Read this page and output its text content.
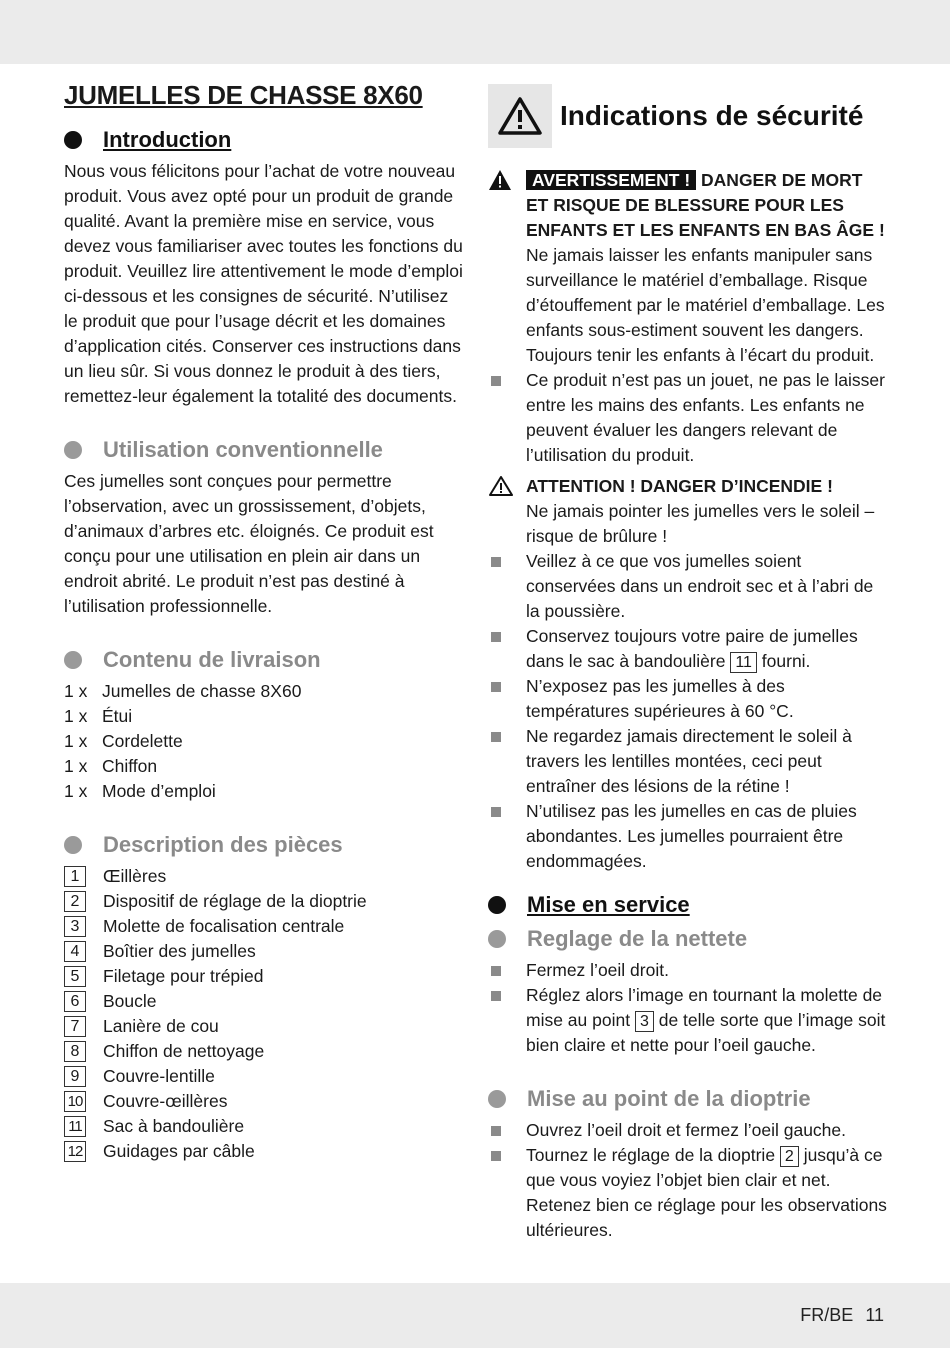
JUMELLES DE CHASSE 8X60
Introduction

Nous vous félicitons pour l’achat de votre nouveau produit. Vous avez opté pour un produit de grande qualité. Avant la première mise en service, vous devez vous familiariser avec toutes les fonctions du produit. Veuillez lire attentivement le mode d’emploi ci-dessous et les consignes de sécurité. N’utilisez le produit que pour l’usage décrit et les domaines d’application cités. Conserver ces instructions dans un lieu sûr. Si vous donnez le produit à des tiers, remettez-leur également la totalité des documents.

Utilisation conventionnelle

Ces jumelles sont conçues pour permettre l’observation, avec un grossissement, d’objets, d’animaux d’arbres etc. éloignés. Ce produit est conçu pour une utilisation en plein air dans un endroit abrité. Le produit n’est pas destiné à l’utilisation professionnelle.

Contenu de livraison
1 x Jumelles de chasse 8X60
1 x Étui
1 x Cordelette
1 x Chiffon
1 x Mode d’emploi
Description des pièces
1	Œillères
2	Dispositif de réglage de la dioptrie
3	Molette de focalisation centrale
4	Boîtier des jumelles
5	Filetage pour trépied
6	Boucle
7	Lanière de cou
8	Chiffon de nettoyage
9	Couvre-lentille
10 Couvre-œillères
11 Sac à bandoulière
12 Guidages par câble
Indications de sécurité
AVERTISSEMENT ! DANGER DE MORT ET RISQUE DE BLESSURE POUR LES ENFANTS ET LES ENFANTS EN BAS ÂGE ! Ne jamais laisser les enfants manipuler sans surveillance le matériel d’emballage. Risque d’étouffement par le matériel d’emballage. Les enfants sous-estiment souvent les dangers. Toujours tenir les enfants à l’écart du produit.
Ce produit n’est pas un jouet, ne pas le laisser entre les mains des enfants. Les enfants ne peuvent évaluer les dangers relevant de l’utilisation du produit.
ATTENTION ! DANGER D’INCENDIE !
Ne jamais pointer les jumelles vers le soleil – risque de brûlure !
Veillez à ce que vos jumelles soient conservées dans un endroit sec et à l’abri de la poussière.
Conservez toujours votre paire de jumelles dans le sac à bandoulière 11 fourni.
N’exposez pas les jumelles à des températures supérieures à 60 °C.
Ne regardez jamais directement le soleil à travers les lentilles montées, ceci peut entraîner des lésions de la rétine !
N’utilisez pas les jumelles en cas de pluies abondantes. Les jumelles pourraient être endommagées.
Mise en service
Reglage de la nettete
Fermez l’oeil droit.
Réglez alors l’image en tournant la molette de mise au point 3 de telle sorte que l’image soit bien claire et nette pour l’oeil gauche.
Mise au point de la dioptrie
Ouvrez l’oeil droit et fermez l’oeil gauche.
Tournez le réglage de la dioptrie 2 jusqu’à ce que vous voyiez l’objet bien clair et net. Retenez bien ce réglage pour les observations ultérieures.
FR/BE 11
